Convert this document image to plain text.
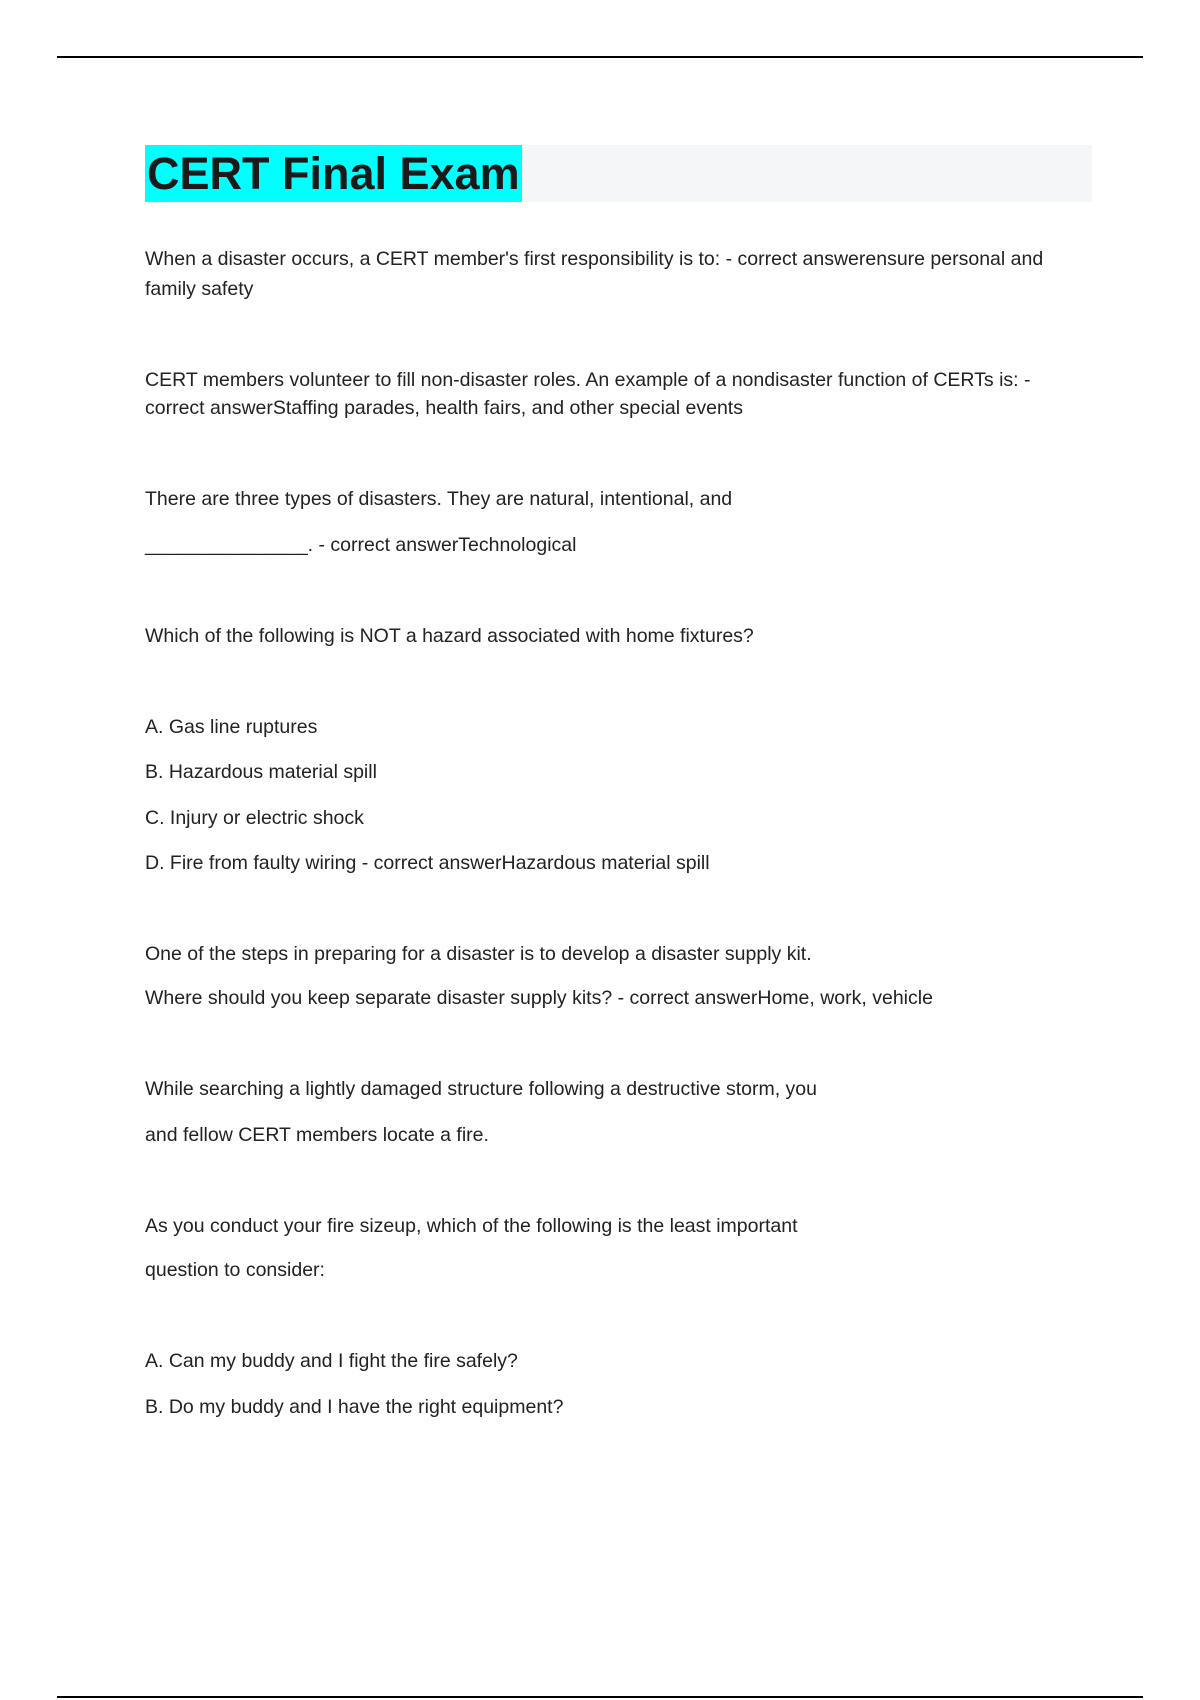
CERT Final Exam
When a disaster occurs, a CERT member's first responsibility is to: - correct answerensure personal and
family safety
CERT members volunteer to fill non-disaster roles. An example of a nondisaster function of CERTs is: -
correct answerStaffing parades, health fairs, and other special events
There are three types of disasters. They are natural, intentional, and
_______________. - correct answerTechnological
Which of the following is NOT a hazard associated with home fixtures?
A. Gas line ruptures
B. Hazardous material spill
C. Injury or electric shock
D. Fire from faulty wiring - correct answerHazardous material spill
One of the steps in preparing for a disaster is to develop a disaster supply kit.
Where should you keep separate disaster supply kits? - correct answerHome, work, vehicle
While searching a lightly damaged structure following a destructive storm, you
and fellow CERT members locate a fire.
As you conduct your fire sizeup, which of the following is the least important
question to consider:
A. Can my buddy and I fight the fire safely?
B. Do my buddy and I have the right equipment?
